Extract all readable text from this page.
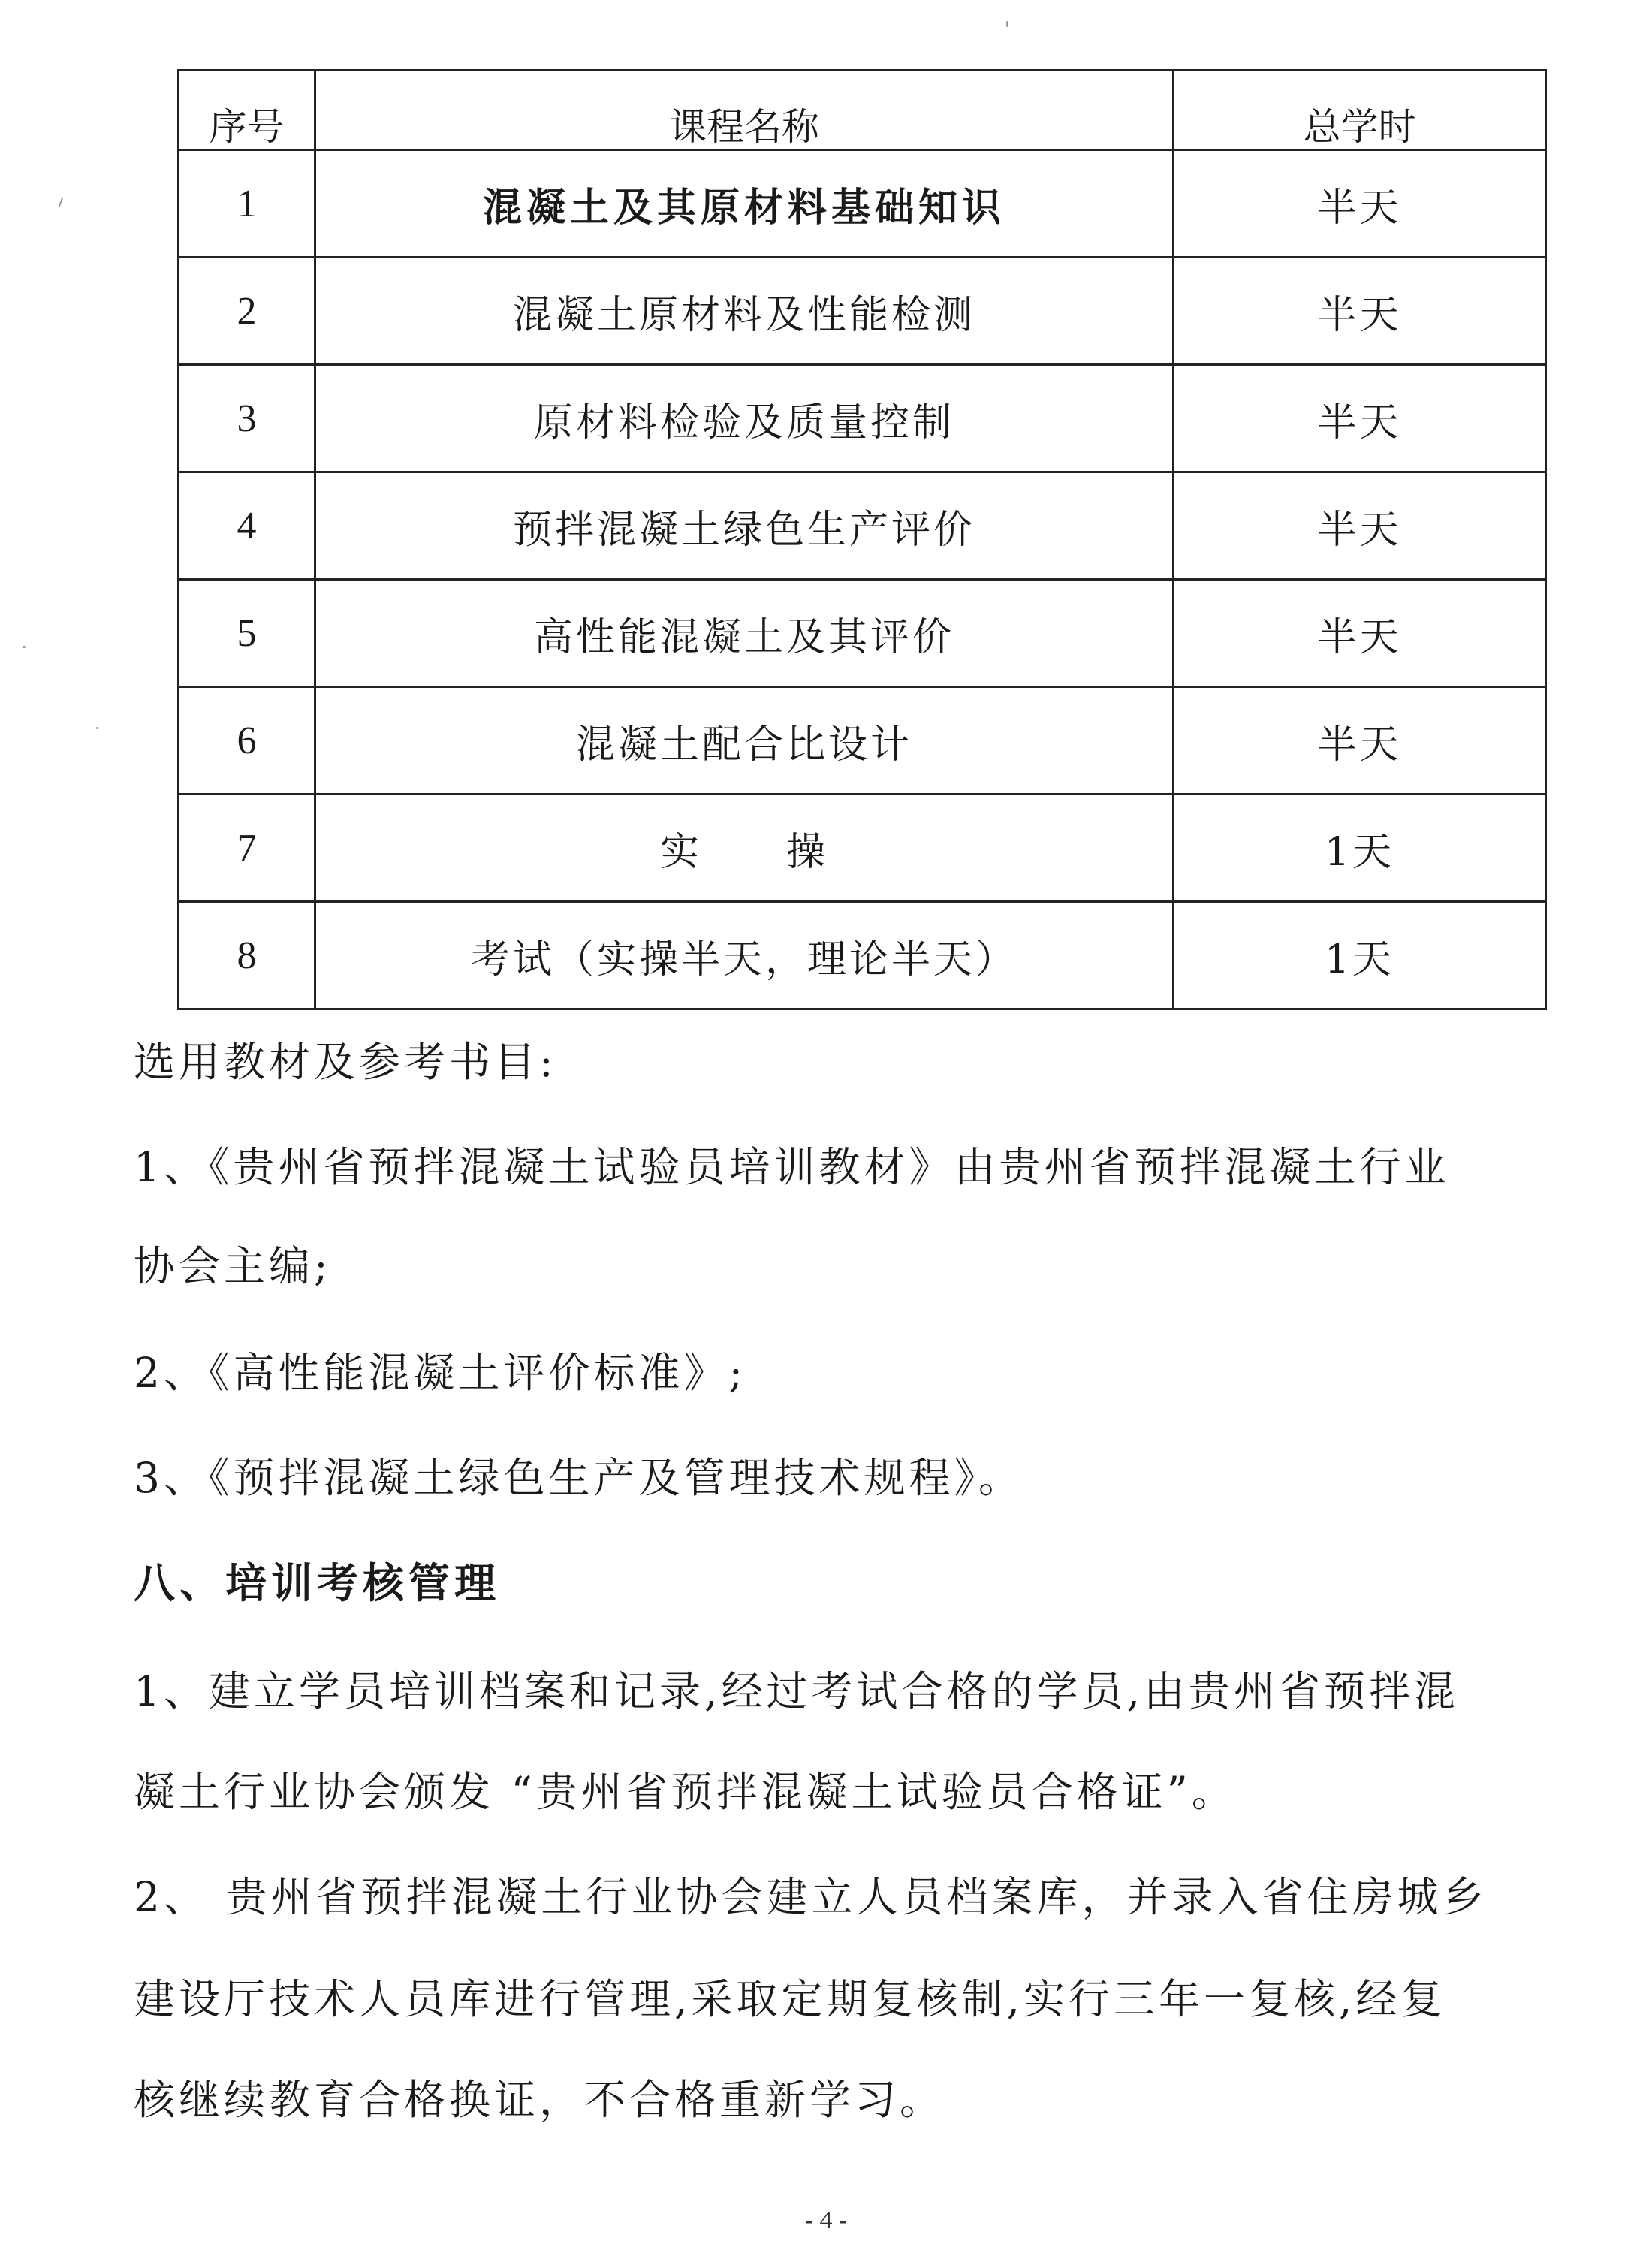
序号	课程名称	总学时
1	混凝土及其原材料基础知识	半天
2	混凝土原材料及性能检测	半天
3	原材料检验及质量控制	半天
4	预拌混凝土绿色生产评价	半天
5	高性能混凝土及其评价	半天
6	混凝土配合比设计	半天
7	实　　操	1天
8	考试（实操半天，理论半天）	1天

选用教材及参考书目:

1、《贵州省预拌混凝土试验员培训教材》由贵州省预拌混凝土行业

协会主编;

2、《高性能混凝土评价标准》;

3、《预拌混凝土绿色生产及管理技术规程》。

八、培训考核管理

1、建立学员培训档案和记录,经过考试合格的学员,由贵州省预拌混

凝土行业协会颁发 “贵州省预拌混凝土试验员合格证”。

2、 贵州省预拌混凝土行业协会建立人员档案库，并录入省住房城乡

建设厅技术人员库进行管理,采取定期复核制,实行三年一复核,经复

核继续教育合格换证，不合格重新学习。

- 4 -
